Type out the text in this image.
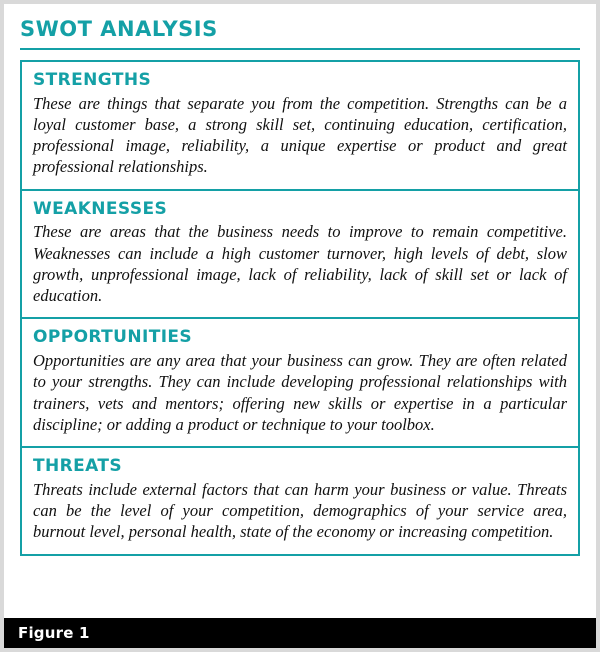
SWOT ANALYSIS
STRENGTHS
These are things that separate you from the competition. Strengths can be a loyal customer base, a strong skill set, continuing education, certification, professional image, reliability, a unique expertise or product and great professional relationships.
WEAKNESSES
These are areas that the business needs to improve to remain competitive. Weaknesses can include a high customer turnover, high levels of debt, slow growth, unprofessional image, lack of reliability, lack of skill set or lack of education.
OPPORTUNITIES
Opportunities are any area that your business can grow. They are often related to your strengths. They can include developing professional relationships with trainers, vets and mentors; offering new skills or expertise in a particular discipline; or adding a product or technique to your toolbox.
THREATS
Threats include external factors that can harm your business or value. Threats can be the level of your competition, demographics of your service area, burnout level, personal health, state of the economy or increasing competition.
Figure 1
